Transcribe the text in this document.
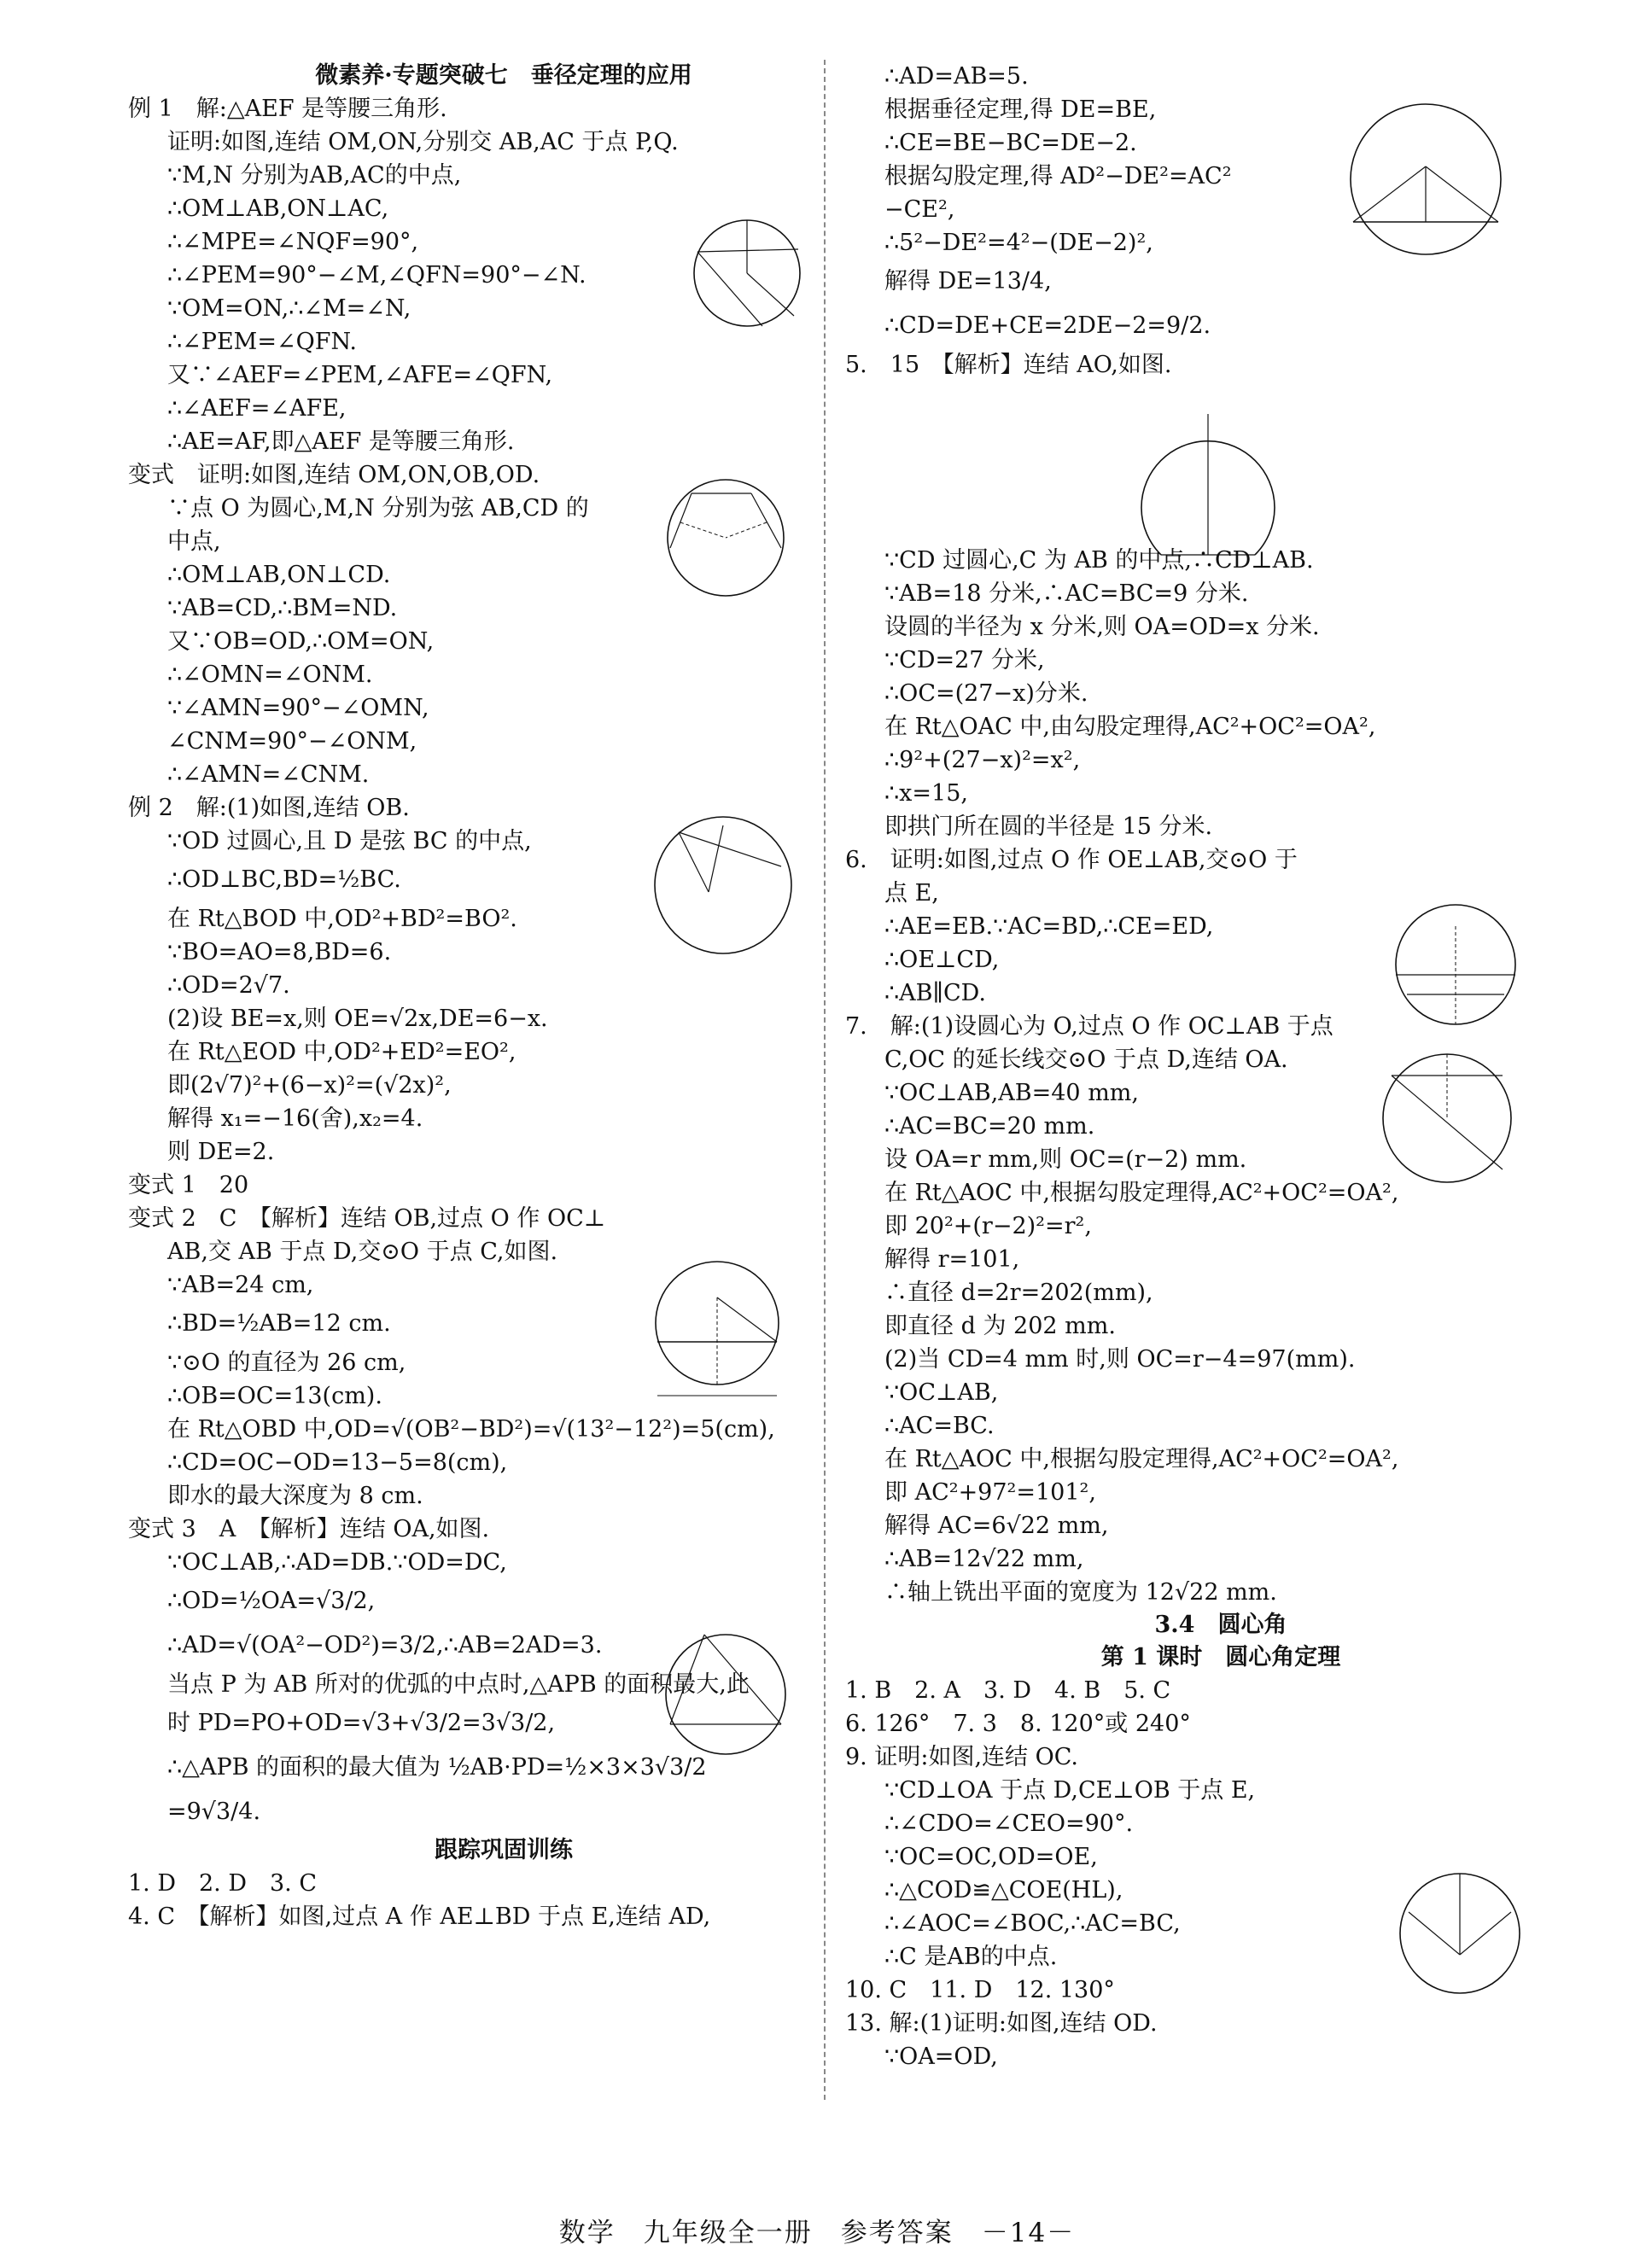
微素养·专题突破七　垂径定理的应用
例 1　解:△AEF 是等腰三角形.
证明:如图,连结 OM,ON,分别交 AB,AC 于点 P,Q.
∵M,N 分别为AB,AC的中点,
∴OM⊥AB,ON⊥AC,
∴∠MPE=∠NQF=90°,
∴∠PEM=90°−∠M,∠QFN=90°−∠N.
∵OM=ON,∴∠M=∠N,
∴∠PEM=∠QFN.
又∵∠AEF=∠PEM,∠AFE=∠QFN,
∴∠AEF=∠AFE,
∴AE=AF,即△AEF 是等腰三角形.
变式　证明:如图,连结 OM,ON,OB,OD.
∵点 O 为圆心,M,N 分别为弦 AB,CD 的
中点,
∴OM⊥AB,ON⊥CD.
∵AB=CD,∴BM=ND.
又∵OB=OD,∴OM=ON,
∴∠OMN=∠ONM.
∵∠AMN=90°−∠OMN,
∠CNM=90°−∠ONM,
∴∠AMN=∠CNM.
例 2　解:(1)如图,连结 OB.
∵OD 过圆心,且 D 是弦 BC 的中点,
∴OD⊥BC,BD=½BC.
在 Rt△BOD 中,OD²+BD²=BO².
∵BO=AO=8,BD=6.
∴OD=2√7.
(2)设 BE=x,则 OE=√2x,DE=6−x.
在 Rt△EOD 中,OD²+ED²=EO²,
即(2√7)²+(6−x)²=(√2x)²,
解得 x₁=−16(舍),x₂=4.
则 DE=2.
变式 1　20
变式 2　C　【解析】连结 OB,过点 O 作 OC⊥
AB,交 AB 于点 D,交⊙O 于点 C,如图.
∵AB=24 cm,
∴BD=½AB=12 cm.
∵⊙O 的直径为 26 cm,
∴OB=OC=13(cm).
在 Rt△OBD 中,OD=√(OB²−BD²)=√(13²−12²)=5(cm),
∴CD=OC−OD=13−5=8(cm),
即水的最大深度为 8 cm.
变式 3　A　【解析】连结 OA,如图.
∵OC⊥AB,∴AD=DB.∵OD=DC,
∴OD=½OA=√3/2,
∴AD=√(OA²−OD²)=3/2,∴AB=2AD=3.
当点 P 为 AB 所对的优弧的中点时,△APB 的面积最大,此
时 PD=PO+OD=√3+√3/2=3√3/2,
∴△APB 的面积的最大值为 ½AB·PD=½×3×3√3/2
=9√3/4.
跟踪巩固训练
1. D　2. D　3. C
4. C　【解析】如图,过点 A 作 AE⊥BD 于点 E,连结 AD,
∴AD=AB=5.
根据垂径定理,得 DE=BE,
∴CE=BE−BC=DE−2.
根据勾股定理,得 AD²−DE²=AC²
−CE²,
∴5²−DE²=4²−(DE−2)²,
解得 DE=13/4,
∴CD=DE+CE=2DE−2=9/2.
5.　15　【解析】连结 AO,如图.
∵CD 过圆心,C 为 AB 的中点,∴CD⊥AB.
∵AB=18 分米,∴AC=BC=9 分米.
设圆的半径为 x 分米,则 OA=OD=x 分米.
∵CD=27 分米,
∴OC=(27−x)分米.
在 Rt△OAC 中,由勾股定理得,AC²+OC²=OA²,
∴9²+(27−x)²=x²,
∴x=15,
即拱门所在圆的半径是 15 分米.
6.　证明:如图,过点 O 作 OE⊥AB,交⊙O 于
点 E,
∴AE=EB.∵AC=BD,∴CE=ED,
∴OE⊥CD,
∴AB∥CD.
7.　解:(1)设圆心为 O,过点 O 作 OC⊥AB 于点
C,OC 的延长线交⊙O 于点 D,连结 OA.
∵OC⊥AB,AB=40 mm,
∴AC=BC=20 mm.
设 OA=r mm,则 OC=(r−2) mm.
在 Rt△AOC 中,根据勾股定理得,AC²+OC²=OA²,
即 20²+(r−2)²=r²,
解得 r=101,
∴直径 d=2r=202(mm),
即直径 d 为 202 mm.
(2)当 CD=4 mm 时,则 OC=r−4=97(mm).
∵OC⊥AB,
∴AC=BC.
在 Rt△AOC 中,根据勾股定理得,AC²+OC²=OA²,
即 AC²+97²=101²,
解得 AC=6√22 mm,
∴AB=12√22 mm,
∴轴上铣出平面的宽度为 12√22 mm.
3.4　圆心角
第 1 课时　圆心角定理
1. B　2. A　3. D　4. B　5. C
6. 126°　7. 3　8. 120°或 240°
9. 证明:如图,连结 OC.
∵CD⊥OA 于点 D,CE⊥OB 于点 E,
∴∠CDO=∠CEO=90°.
∵OC=OC,OD=OE,
∴△COD≌△COE(HL),
∴∠AOC=∠BOC,∴AC=BC,
∴C 是AB的中点.
10. C　11. D　12. 130°
13. 解:(1)证明:如图,连结 OD.
∵OA=OD,
数学　九年级全一册　参考答案　－14－
